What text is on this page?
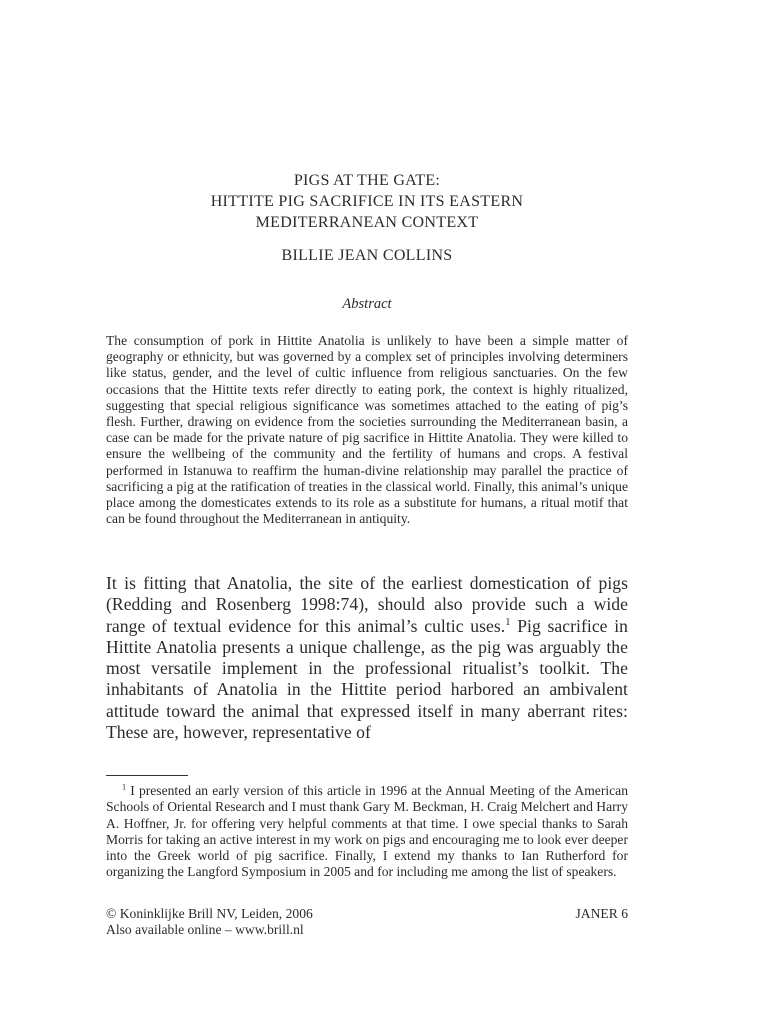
PIGS AT THE GATE:
HITTITE PIG SACRIFICE IN ITS EASTERN
MEDITERRANEAN CONTEXT
BILLIE JEAN COLLINS
Abstract
The consumption of pork in Hittite Anatolia is unlikely to have been a simple matter of geography or ethnicity, but was governed by a complex set of principles involving determiners like status, gender, and the level of cultic influence from religious sanctuaries. On the few occasions that the Hittite texts refer directly to eating pork, the context is highly ritualized, suggesting that special religious significance was sometimes attached to the eating of pig’s flesh. Further, drawing on evidence from the societies surrounding the Mediterranean basin, a case can be made for the private nature of pig sacrifice in Hittite Anatolia. They were killed to ensure the wellbeing of the community and the fertility of humans and crops. A festival performed in Istanuwa to reaffirm the human-divine relationship may parallel the practice of sacrificing a pig at the ratification of treaties in the classical world. Finally, this animal’s unique place among the domesticates extends to its role as a substitute for humans, a ritual motif that can be found throughout the Mediterranean in antiquity.
It is fitting that Anatolia, the site of the earliest domestication of pigs (Redding and Rosenberg 1998:74), should also provide such a wide range of textual evidence for this animal’s cultic uses.$^1$ Pig sacrifice in Hittite Anatolia presents a unique challenge, as the pig was arguably the most versatile implement in the professional ritualist’s toolkit. The inhabitants of Anatolia in the Hittite period harbored an ambivalent attitude toward the animal that expressed itself in many aberrant rites: These are, however, representative of
$^1$ I presented an early version of this article in 1996 at the Annual Meeting of the American Schools of Oriental Research and I must thank Gary M. Beckman, H. Craig Melchert and Harry A. Hoffner, Jr. for offering very helpful comments at that time. I owe special thanks to Sarah Morris for taking an active interest in my work on pigs and encouraging me to look ever deeper into the Greek world of pig sacrifice. Finally, I extend my thanks to Ian Rutherford for organizing the Langford Symposium in 2005 and for including me among the list of speakers.
© Koninklijke Brill NV, Leiden, 2006
Also available online – www.brill.nl
JANER 6
